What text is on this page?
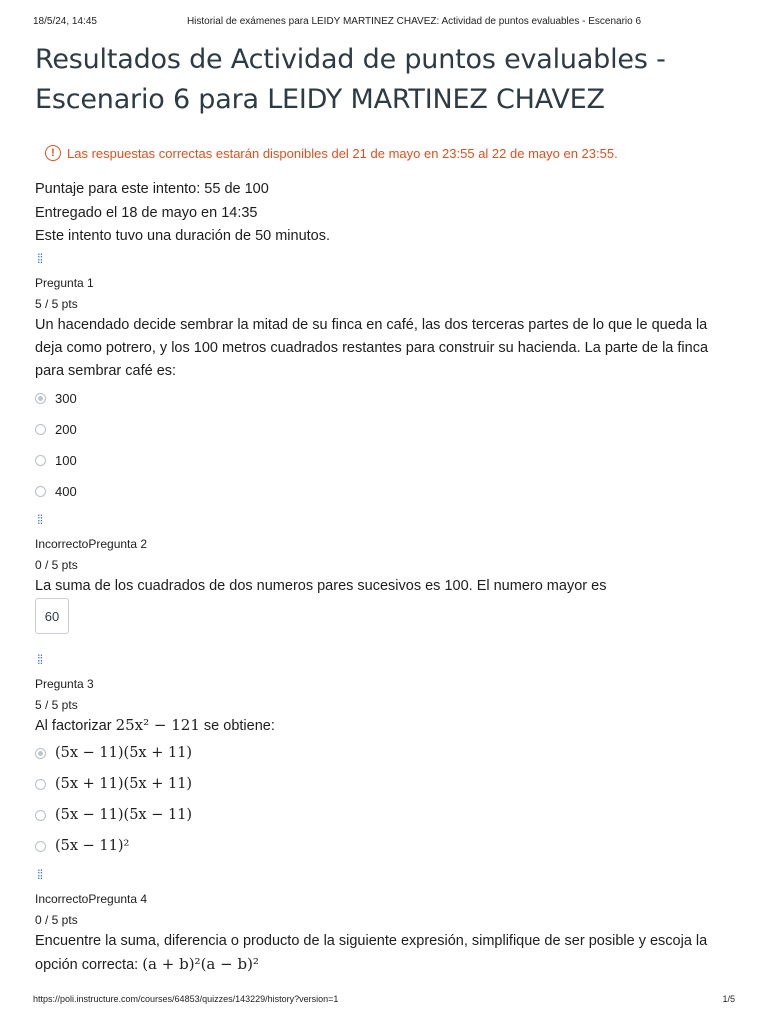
18/5/24, 14:45	Historial de exámenes para LEIDY MARTINEZ CHAVEZ: Actividad de puntos evaluables - Escenario 6
Resultados de Actividad de puntos evaluables - Escenario 6 para LEIDY MARTINEZ CHAVEZ
! Las respuestas correctas estarán disponibles del 21 de mayo en 23:55 al 22 de mayo en 23:55.
Puntaje para este intento: 55 de 100
Entregado el 18 de mayo en 14:35
Este intento tuvo una duración de 50 minutos.
⁞⁞
Pregunta 1
5 / 5 pts
Un hacendado decide sembrar la mitad de su finca en café, las dos terceras partes de lo que le queda la deja como potrero, y los 100 metros cuadrados restantes para construir su hacienda. La parte de la finca para sembrar café es:
300
200
100
400
⁞⁞
IncorrectoPregunta 2
0 / 5 pts
La suma de los cuadrados de dos numeros pares sucesivos es 100. El numero mayor es
60
⁞⁞
Pregunta 3
5 / 5 pts
Al factorizar 25x² − 121 se obtiene:
(5x − 11)(5x + 11)
(5x + 11)(5x + 11)
(5x − 11)(5x − 11)
(5x − 11)²
⁞⁞
IncorrectoPregunta 4
0 / 5 pts
Encuentre la suma, diferencia o producto de la siguiente expresión, simplifique de ser posible y escoja la opción correcta: (a + b)²(a − b)²
https://poli.instructure.com/courses/64853/quizzes/143229/history?version=1	1/5
